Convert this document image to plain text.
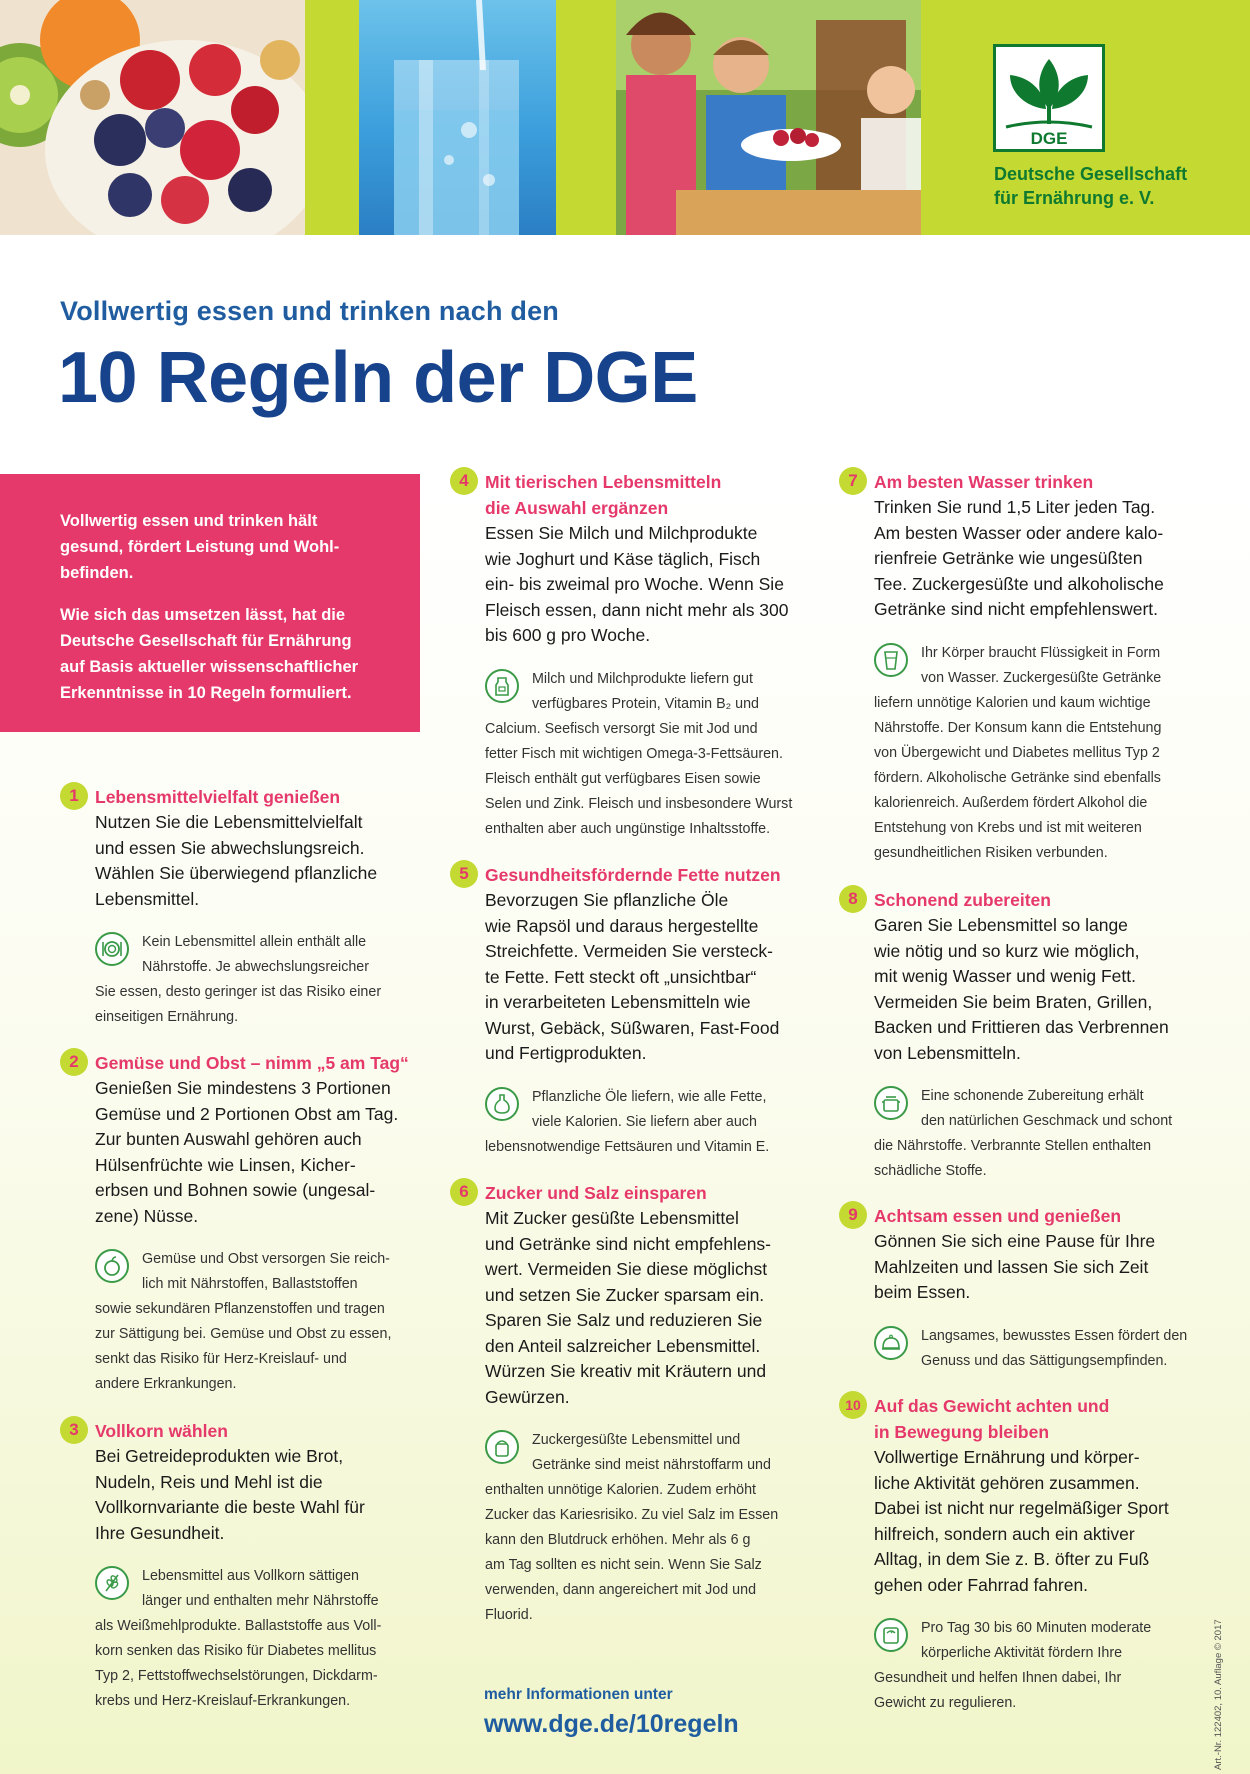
DGE
Deutsche Gesellschaft
für Ernährung e. V.
Vollwertig essen und trinken nach den
10 Regeln der DGE

Vollwertig essen und trinken hält
gesund, fördert Leistung und Wohl-
befinden.

Wie sich das umsetzen lässt, hat die
Deutsche Gesellschaft für Ernährung
auf Basis aktueller wissenschaftlicher
Erkenntnisse in 10 Regeln formuliert.

1 Lebensmittelvielfalt genießen
Nutzen Sie die Lebensmittelvielfalt
und essen Sie abwechslungsreich.
Wählen Sie überwiegend pflanzliche
Lebensmittel.
Kein Lebensmittel allein enthält alle
Nährstoffe. Je abwechslungsreicher
Sie essen, desto geringer ist das Risiko einer
einseitigen Ernährung.
2 Gemüse und Obst – nimm „5 am Tag“
Genießen Sie mindestens 3 Portionen
Gemüse und 2 Portionen Obst am Tag.
Zur bunten Auswahl gehören auch
Hülsenfrüchte wie Linsen, Kicher-
erbsen und Bohnen sowie (ungesal-
zene) Nüsse.
Gemüse und Obst versorgen Sie reich-
lich mit Nährstoffen, Ballaststoffen
sowie sekundären Pflanzenstoffen und tragen
zur Sättigung bei. Gemüse und Obst zu essen,
senkt das Risiko für Herz-Kreislauf- und
andere Erkrankungen.
3 Vollkorn wählen
Bei Getreideprodukten wie Brot,
Nudeln, Reis und Mehl ist die
Vollkornvariante die beste Wahl für
Ihre Gesundheit.
Lebensmittel aus Vollkorn sättigen
länger und enthalten mehr Nährstoffe
als Weißmehlprodukte. Ballaststoffe aus Voll-
korn senken das Risiko für Diabetes mellitus
Typ 2, Fettstoffwechselstörungen, Dickdarm-
krebs und Herz-Kreislauf-Erkrankungen.
4 Mit tierischen Lebensmitteln
die Auswahl ergänzen
Essen Sie Milch und Milchprodukte
wie Joghurt und Käse täglich, Fisch
ein- bis zweimal pro Woche. Wenn Sie
Fleisch essen, dann nicht mehr als 300
bis 600 g pro Woche.
Milch und Milchprodukte liefern gut
verfügbares Protein, Vitamin B₂ und
Calcium. Seefisch versorgt Sie mit Jod und
fetter Fisch mit wichtigen Omega-3-Fettsäuren.
Fleisch enthält gut verfügbares Eisen sowie
Selen und Zink. Fleisch und insbesondere Wurst
enthalten aber auch ungünstige Inhaltsstoffe.
5 Gesundheitsfördernde Fette nutzen
Bevorzugen Sie pflanzliche Öle
wie Rapsöl und daraus hergestellte
Streichfette. Vermeiden Sie versteck-
te Fette. Fett steckt oft „unsichtbar“
in verarbeiteten Lebensmitteln wie
Wurst, Gebäck, Süßwaren, Fast-Food
und Fertigprodukten.
Pflanzliche Öle liefern, wie alle Fette,
viele Kalorien. Sie liefern aber auch
lebensnotwendige Fettsäuren und Vitamin E.
6 Zucker und Salz einsparen
Mit Zucker gesüßte Lebensmittel
und Getränke sind nicht empfehlens-
wert. Vermeiden Sie diese möglichst
und setzen Sie Zucker sparsam ein.
Sparen Sie Salz und reduzieren Sie
den Anteil salzreicher Lebensmittel.
Würzen Sie kreativ mit Kräutern und
Gewürzen.
Zuckergesüßte Lebensmittel und
Getränke sind meist nährstoffarm und
enthalten unnötige Kalorien. Zudem erhöht
Zucker das Kariesrisiko. Zu viel Salz im Essen
kann den Blutdruck erhöhen. Mehr als 6 g
am Tag sollten es nicht sein. Wenn Sie Salz
verwenden, dann angereichert mit Jod und
Fluorid.
7 Am besten Wasser trinken
Trinken Sie rund 1,5 Liter jeden Tag.
Am besten Wasser oder andere kalo-
rienfreie Getränke wie ungesüßten
Tee. Zuckergesüßte und alkoholische
Getränke sind nicht empfehlenswert.
Ihr Körper braucht Flüssigkeit in Form
von Wasser. Zuckergesüßte Getränke
liefern unnötige Kalorien und kaum wichtige
Nährstoffe. Der Konsum kann die Entstehung
von Übergewicht und Diabetes mellitus Typ 2
fördern. Alkoholische Getränke sind ebenfalls
kalorienreich. Außerdem fördert Alkohol die
Entstehung von Krebs und ist mit weiteren
gesundheitlichen Risiken verbunden.
8 Schonend zubereiten
Garen Sie Lebensmittel so lange
wie nötig und so kurz wie möglich,
mit wenig Wasser und wenig Fett.
Vermeiden Sie beim Braten, Grillen,
Backen und Frittieren das Verbrennen
von Lebensmitteln.
Eine schonende Zubereitung erhält
den natürlichen Geschmack und schont
die Nährstoffe. Verbrannte Stellen enthalten
schädliche Stoffe.
9 Achtsam essen und genießen
Gönnen Sie sich eine Pause für Ihre
Mahlzeiten und lassen Sie sich Zeit
beim Essen.
Langsames, bewusstes Essen fördert den
Genuss und das Sättigungsempfinden.
10 Auf das Gewicht achten und
in Bewegung bleiben
Vollwertige Ernährung und körper-
liche Aktivität gehören zusammen.
Dabei ist nicht nur regelmäßiger Sport
hilfreich, sondern auch ein aktiver
Alltag, in dem Sie z. B. öfter zu Fuß
gehen oder Fahrrad fahren.
Pro Tag 30 bis 60 Minuten moderate
körperliche Aktivität fördern Ihre
Gesundheit und helfen Ihnen dabei, Ihr
Gewicht zu regulieren.
mehr Informationen unter
www.dge.de/10regeln	Art.-Nr. 122402, 10. Auflage © 2017
